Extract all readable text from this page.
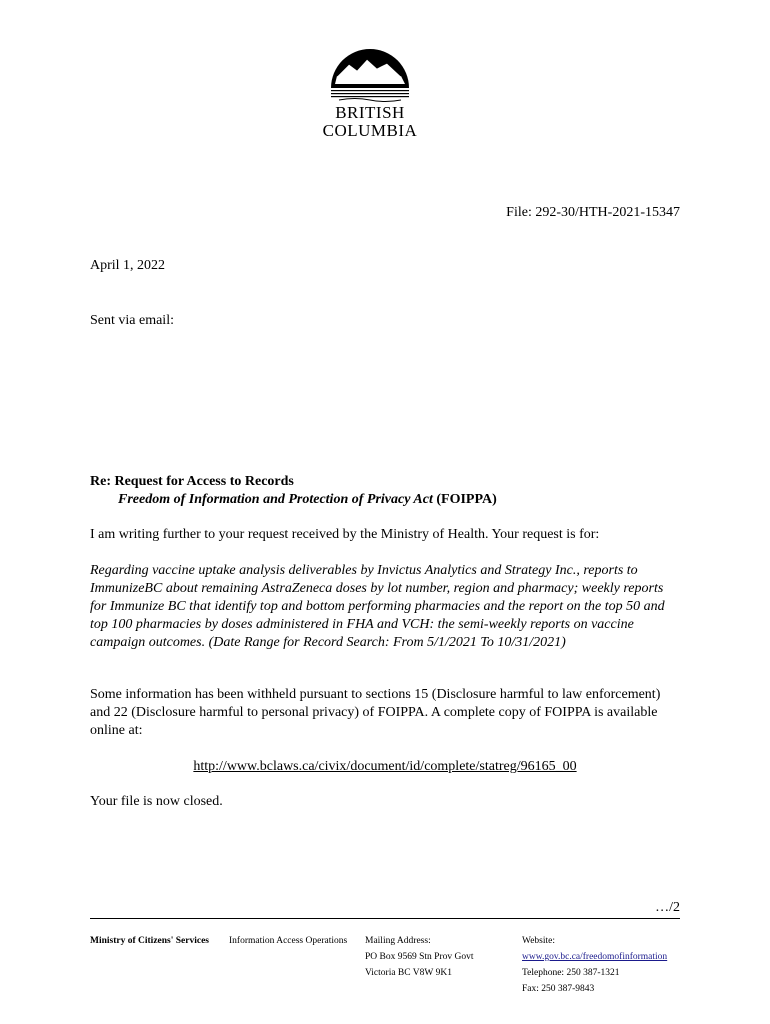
BRITISH
COLUMBIA
File: 292-30/HTH-2021-15347
April 1, 2022
Sent via email:
Re: Request for Access to Records
Freedom of Information and Protection of Privacy Act (FOIPPA)
I am writing further to your request received by the Ministry of Health. Your request is for:
Regarding vaccine uptake analysis deliverables by Invictus Analytics and Strategy Inc., reports to ImmunizeBC about remaining AstraZeneca doses by lot number, region and pharmacy; weekly reports for Immunize BC that identify top and bottom performing pharmacies and the report on the top 50 and top 100 pharmacies by doses administered in FHA and VCH: the semi-weekly reports on vaccine campaign outcomes. (Date Range for Record Search: From 5/1/2021 To 10/31/2021)
Some information has been withheld pursuant to sections 15 (Disclosure harmful to law enforcement) and 22 (Disclosure harmful to personal privacy) of FOIPPA. A complete copy of FOIPPA is available online at:
http://www.bclaws.ca/civix/document/id/complete/statreg/96165_00
Your file is now closed.
…/2
Ministry of Citizens' Services Information Access Operations Mailing Address:
PO Box 9569 Stn Prov Govt
Victoria BC V8W 9K1
Website:
www.gov.bc.ca/freedomofinformation
Telephone: 250 387-1321
Fax: 250 387-9843
